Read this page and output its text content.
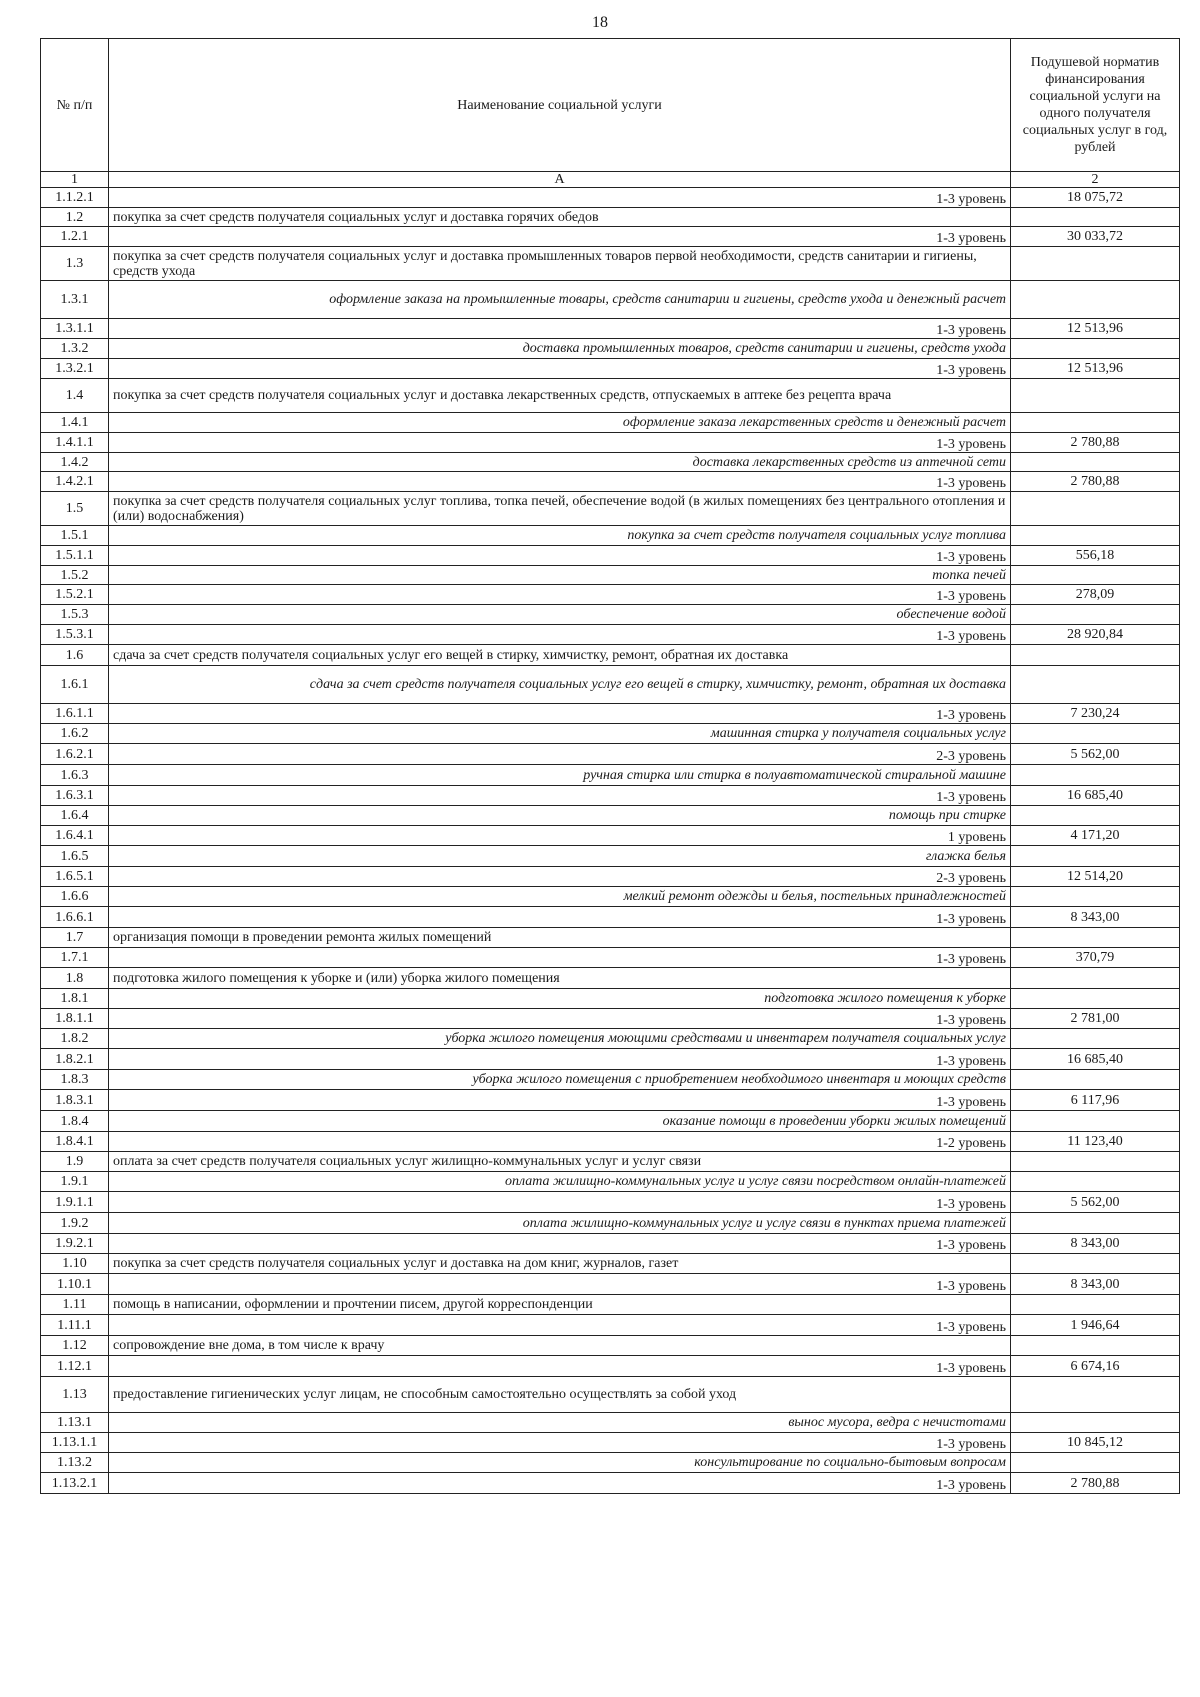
18
№ п/п	Наименование социальной услуги	Подушевой норматив финансирования социальной услуги на одного получателя социальных услуг в год, рублей
1	А	2
1.1.2.1	1-3 уровень	18 075,72
1.2	покупка за счет средств получателя социальных услуг и доставка горячих обедов	
1.2.1	1-3 уровень	30 033,72
1.3	покупка за счет средств получателя социальных услуг и доставка промышленных товаров первой необходимости, средств санитарии и гигиены, средств ухода	
1.3.1	оформление заказа на промышленные товары, средств санитарии и гигиены, средств ухода и денежный расчет	
1.3.1.1	1-3 уровень	12 513,96
1.3.2	доставка промышленных товаров, средств санитарии и гигиены, средств ухода	
1.3.2.1	1-3 уровень	12 513,96
1.4	покупка за счет средств получателя социальных услуг и доставка лекарственных средств, отпускаемых в аптеке без рецепта врача	
1.4.1	оформление заказа лекарственных средств и денежный расчет	
1.4.1.1	1-3 уровень	2 780,88
1.4.2	доставка лекарственных средств из аптечной сети	
1.4.2.1	1-3 уровень	2 780,88
1.5	покупка за счет средств получателя социальных услуг топлива, топка печей, обеспечение водой (в жилых помещениях без центрального отопления и (или) водоснабжения)	
1.5.1	покупка за счет средств получателя социальных услуг топлива	
1.5.1.1	1-3 уровень	556,18
1.5.2	топка печей	
1.5.2.1	1-3 уровень	278,09
1.5.3	обеспечение водой	
1.5.3.1	1-3 уровень	28 920,84
1.6	сдача за счет средств получателя социальных услуг его вещей в стирку, химчистку, ремонт, обратная их доставка	
1.6.1	сдача за счет средств получателя социальных услуг его вещей в стирку, химчистку, ремонт, обратная их доставка	
1.6.1.1	1-3 уровень	7 230,24
1.6.2	машинная стирка у получателя социальных услуг	
1.6.2.1	2-3 уровень	5 562,00
1.6.3	ручная стирка или стирка в полуавтоматической стиральной машине	
1.6.3.1	1-3 уровень	16 685,40
1.6.4	помощь при стирке	
1.6.4.1	1 уровень	4 171,20
1.6.5	глажка белья	
1.6.5.1	2-3 уровень	12 514,20
1.6.6	мелкий ремонт одежды и белья, постельных принадлежностей	
1.6.6.1	1-3 уровень	8 343,00
1.7	организация помощи в проведении ремонта жилых помещений	
1.7.1	1-3 уровень	370,79
1.8	подготовка жилого помещения к уборке и (или) уборка жилого помещения	
1.8.1	подготовка жилого помещения к уборке	
1.8.1.1	1-3 уровень	2 781,00
1.8.2	уборка жилого помещения моющими средствами и инвентарем получателя социальных услуг	
1.8.2.1	1-3 уровень	16 685,40
1.8.3	уборка жилого помещения с приобретением необходимого инвентаря и моющих средств	
1.8.3.1	1-3 уровень	6 117,96
1.8.4	оказание помощи в проведении уборки жилых помещений	
1.8.4.1	1-2 уровень	11 123,40
1.9	оплата за счет средств получателя социальных услуг жилищно-коммунальных услуг и услуг связи	
1.9.1	оплата жилищно-коммунальных услуг и услуг связи посредством онлайн-платежей	
1.9.1.1	1-3 уровень	5 562,00
1.9.2	оплата жилищно-коммунальных услуг и услуг связи в пунктах приема платежей	
1.9.2.1	1-3 уровень	8 343,00
1.10	покупка за счет средств получателя социальных услуг и доставка на дом книг, журналов, газет	
1.10.1	1-3 уровень	8 343,00
1.11	помощь в написании, оформлении и прочтении писем, другой корреспонденции	
1.11.1	1-3 уровень	1 946,64
1.12	сопровождение вне дома, в том числе к врачу	
1.12.1	1-3 уровень	6 674,16
1.13	предоставление гигиенических услуг лицам, не способным самостоятельно осуществлять за собой уход	
1.13.1	вынос мусора, ведра с нечистотами	
1.13.1.1	1-3 уровень	10 845,12
1.13.2	консультирование по социально-бытовым вопросам	
1.13.2.1	1-3 уровень	2 780,88
